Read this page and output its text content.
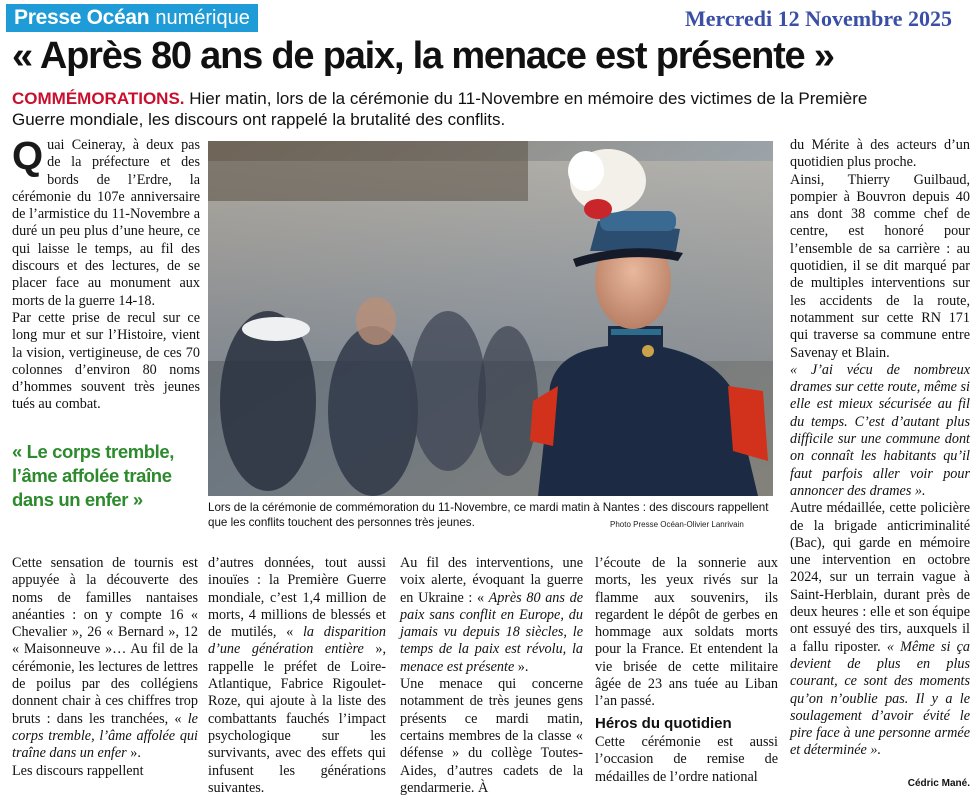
Presse Océan numérique	Mercredi 12 Novembre 2025
« Après 80 ans de paix, la menace est présente »
COMMÉMORATIONS. Hier matin, lors de la cérémonie du 11-Novembre en mémoire des victimes de la Première Guerre mondiale, les discours ont rappelé la brutalité des conflits.

Quai Ceineray, à deux pas de la préfecture et des bords de l’Erdre, la cérémonie du 107e anniversaire de l’armistice du 11-Novembre a duré un peu plus d’une heure, ce qui laisse le temps, au fil des discours et des lectures, de se placer face au monument aux morts de la guerre 14-18.

Par cette prise de recul sur ce long mur et sur l’Histoire, vient la vision, vertigineuse, de ces 70 colonnes d’environ 80 noms d’hommes souvent très jeunes tués au combat.

« Le corps tremble, l’âme affolée traîne dans un enfer »	Lors de la cérémonie de commémoration du 11-Novembre, ce mardi matin à Nantes : des discours rappellent que les conflits touchent des personnes très jeunes.	Photo Presse Océan-Olivier Lanrivain

Cette sensation de tournis est appuyée à la découverte des noms de familles nantaises anéanties : on y compte 16 « Chevalier », 26 « Bernard », 12 « Maisonneuve »… Au fil de la cérémonie, les lectures de lettres de poilus par des collégiens donnent chair à ces chiffres trop bruts : dans les tranchées, « le corps tremble, l’âme affolée qui traîne dans un enfer ».

Les discours rappellent

d’autres données, tout aussi inouïes : la Première Guerre mondiale, c’est 1,4 million de morts, 4 millions de blessés et de mutilés, « la disparition d’une génération entière », rappelle le préfet de Loire-Atlantique, Fabrice Rigoulet-Roze, qui ajoute à la liste des combattants fauchés l’impact psychologique sur les survivants, avec des effets qui infusent les générations suivantes.

Au fil des interventions, une voix alerte, évoquant la guerre en Ukraine : « Après 80 ans de paix sans conflit en Europe, du jamais vu depuis 18 siècles, le temps de la paix est révolu, la menace est présente ».

Une menace qui concerne notamment de très jeunes gens présents ce mardi matin, certains membres de la classe « défense » du collège Toutes-Aides, d’autres cadets de la gendarmerie. À

l’écoute de la sonnerie aux morts, les yeux rivés sur la flamme aux souvenirs, ils regardent le dépôt de gerbes en hommage aux soldats morts pour la France. Et entendent la vie brisée de cette militaire âgée de 23 ans tuée au Liban l’an passé.

Héros du quotidien

Cette cérémonie est aussi l’occasion de remise de médailles de l’ordre national

du Mérite à des acteurs d’un quotidien plus proche.

Ainsi, Thierry Guilbaud, pompier à Bouvron depuis 40 ans dont 38 comme chef de centre, est honoré pour l’ensemble de sa carrière : au quotidien, il se dit marqué par de multiples interventions sur les accidents de la route, notamment sur cette RN 171 qui traverse sa commune entre Savenay et Blain.

« J’ai vécu de nombreux drames sur cette route, même si elle est mieux sécurisée au fil du temps. C’est d’autant plus difficile sur une commune dont on connaît les habitants qu’il faut parfois aller voir pour annoncer des drames ».

Autre médaillée, cette policière de la brigade anticriminalité (Bac), qui garde en mémoire une intervention en octobre 2024, sur un terrain vague à Saint-Herblain, durant près de deux heures : elle et son équipe ont essuyé des tirs, auxquels il a fallu riposter. « Même si ça devient de plus en plus courant, ce sont des moments qu’on n’oublie pas. Il y a le soulagement d’avoir évité le pire face à une personne armée et déterminée ».

Cédric Mané.
